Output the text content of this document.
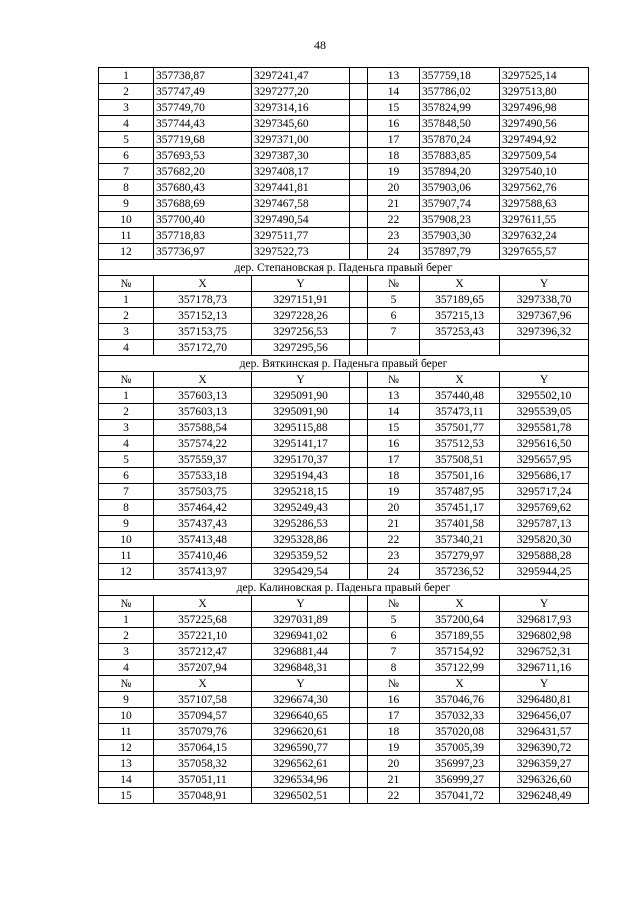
48
1	357738,87	3297241,47		13	357759,18	3297525,14
2	357747,49	3297277,20		14	357786,02	3297513,80
3	357749,70	3297314,16		15	357824,99	3297496,98
4	357744,43	3297345,60		16	357848,50	3297490,56
5	357719,68	3297371,00		17	357870,24	3297494,92
6	357693,53	3297387,30		18	357883,85	3297509,54
7	357682,20	3297408,17		19	357894,20	3297540,10
8	357680,43	3297441,81		20	357903,06	3297562,76
9	357688,69	3297467,58		21	357907,74	3297588,63
10	357700,40	3297490,54		22	357908,23	3297611,55
11	357718,83	3297511,77		23	357903,30	3297632,24
12	357736,97	3297522,73		24	357897,79	3297655,57
дер. Степановская р. Паденьга правый берег						
№	X	Y		№	X	Y
1	357178,73	3297151,91		5	357189,65	3297338,70
2	357152,13	3297228,26		6	357215,13	3297367,96
3	357153,75	3297256,53		7	357253,43	3297396,32
4	357172,70	3297295,56				
дер. Вяткинская р. Паденьга правый берег						
№	X	Y		№	X	Y
1	357603,13	3295091,90		13	357440,48	3295502,10
2	357603,13	3295091,90		14	357473,11	3295539,05
3	357588,54	3295115,88		15	357501,77	3295581,78
4	357574,22	3295141,17		16	357512,53	3295616,50
5	357559,37	3295170,37		17	357508,51	3295657,95
6	357533,18	3295194,43		18	357501,16	3295686,17
7	357503,75	3295218,15		19	357487,95	3295717,24
8	357464,42	3295249,43		20	357451,17	3295769,62
9	357437,43	3295286,53		21	357401,58	3295787,13
10	357413,48	3295328,86		22	357340,21	3295820,30
11	357410,46	3295359,52		23	357279,97	3295888,28
12	357413,97	3295429,54		24	357236,52	3295944,25
дер. Калиновская р. Паденьга правый берег						
№	X	Y		№	X	Y
1	357225,68	3297031,89		5	357200,64	3296817,93
2	357221,10	3296941,02		6	357189,55	3296802,98
3	357212,47	3296881,44		7	357154,92	3296752,31
4	357207,94	3296848,31		8	357122,99	3296711,16
№	X	Y		№	X	Y
9	357107,58	3296674,30		16	357046,76	3296480,81
10	357094,57	3296640,65		17	357032,33	3296456,07
11	357079,76	3296620,61		18	357020,08	3296431,57
12	357064,15	3296590,77		19	357005,39	3296390,72
13	357058,32	3296562,61		20	356997,23	3296359,27
14	357051,11	3296534,96		21	356999,27	3296326,60
15	357048,91	3296502,51		22	357041,72	3296248,49
